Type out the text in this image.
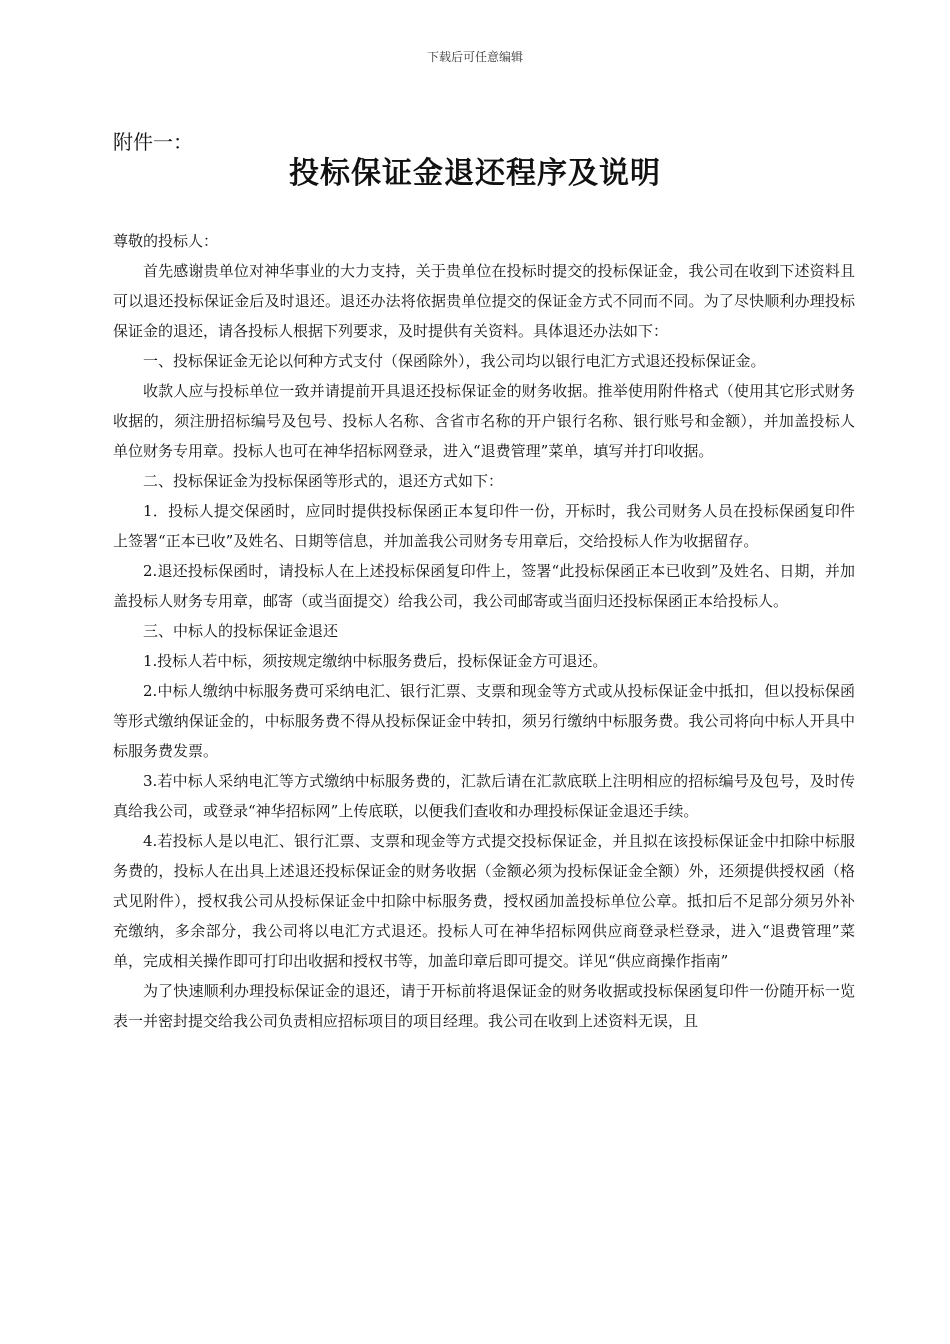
下载后可任意编辑
附件一：
投标保证金退还程序及说明

尊敬的投标人：

首先感谢贵单位对神华事业的大力支持，关于贵单位在投标时提交的投标保证金，我公司在收到下述资料且可以退还投标保证金后及时退还。退还办法将依据贵单位提交的保证金方式不同而不同。为了尽快顺利办理投标保证金的退还，请各投标人根据下列要求，及时提供有关资料。具体退还办法如下：

一、投标保证金无论以何种方式支付（保函除外），我公司均以银行电汇方式退还投标保证金。

收款人应与投标单位一致并请提前开具退还投标保证金的财务收据。推举使用附件格式（使用其它形式财务收据的，须注册招标编号及包号、投标人名称、含省市名称的开户银行名称、银行账号和金额），并加盖投标人单位财务专用章。投标人也可在神华招标网登录，进入“退费管理”菜单，填写并打印收据。

二、投标保证金为投标保函等形式的，退还方式如下：

1．投标人提交保函时，应同时提供投标保函正本复印件一份，开标时，我公司财务人员在投标保函复印件上签署“正本已收”及姓名、日期等信息，并加盖我公司财务专用章后，交给投标人作为收据留存。

2.退还投标保函时，请投标人在上述投标保函复印件上，签署“此投标保函正本已收到”及姓名、日期，并加盖投标人财务专用章，邮寄（或当面提交）给我公司，我公司邮寄或当面归还投标保函正本给投标人。

三、中标人的投标保证金退还

1.投标人若中标，须按规定缴纳中标服务费后，投标保证金方可退还。

2.中标人缴纳中标服务费可采纳电汇、银行汇票、支票和现金等方式或从投标保证金中抵扣，但以投标保函等形式缴纳保证金的，中标服务费不得从投标保证金中转扣，须另行缴纳中标服务费。我公司将向中标人开具中标服务费发票。

3.若中标人采纳电汇等方式缴纳中标服务费的，汇款后请在汇款底联上注明相应的招标编号及包号，及时传真给我公司，或登录“神华招标网”上传底联，以便我们查收和办理投标保证金退还手续。

4.若投标人是以电汇、银行汇票、支票和现金等方式提交投标保证金，并且拟在该投标保证金中扣除中标服务费的，投标人在出具上述退还投标保证金的财务收据（金额必须为投标保证金全额）外，还须提供授权函（格式见附件），授权我公司从投标保证金中扣除中标服务费，授权函加盖投标单位公章。抵扣后不足部分须另外补充缴纳，多余部分，我公司将以电汇方式退还。投标人可在神华招标网供应商登录栏登录，进入“退费管理”菜单，完成相关操作即可打印出收据和授权书等，加盖印章后即可提交。详见“供应商操作指南”

为了快速顺利办理投标保证金的退还，请于开标前将退保证金的财务收据或投标保函复印件一份随开标一览表一并密封提交给我公司负责相应招标项目的项目经理。我公司在收到上述资料无误，且
